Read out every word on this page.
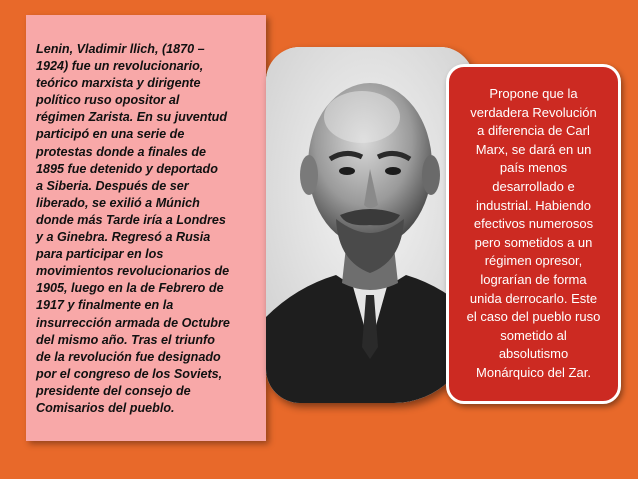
Lenin, Vladimir llich, (1870 –
1924) fue un revolucionario,
teórico marxista y dirigente
político ruso opositor al
régimen Zarista. En su juventud
participó en una serie de
protestas donde a finales de
1895 fue detenido y deportado
a Siberia. Después de ser
liberado, se exilió a Múnich
donde más Tarde iría a Londres
y a Ginebra. Regresó a Rusia
para participar en los
movimientos revolucionarios de
1905, luego en la de Febrero de
1917 y finalmente en la
insurrección armada de Octubre
del mismo año. Tras el triunfo
de la revolución fue designado
por el congreso de los Soviets,
presidente del consejo de
Comisarios del pueblo.

Propone que la
verdadera Revolución
a diferencia de Carl
Marx, se dará en un
país menos
desarrollado e
industrial. Habiendo
efectivos numerosos
pero sometidos a un
régimen opresor,
lograrían de forma
unida derrocarlo. Este
el caso del pueblo ruso
sometido al
absolutismo
Monárquico del Zar.
